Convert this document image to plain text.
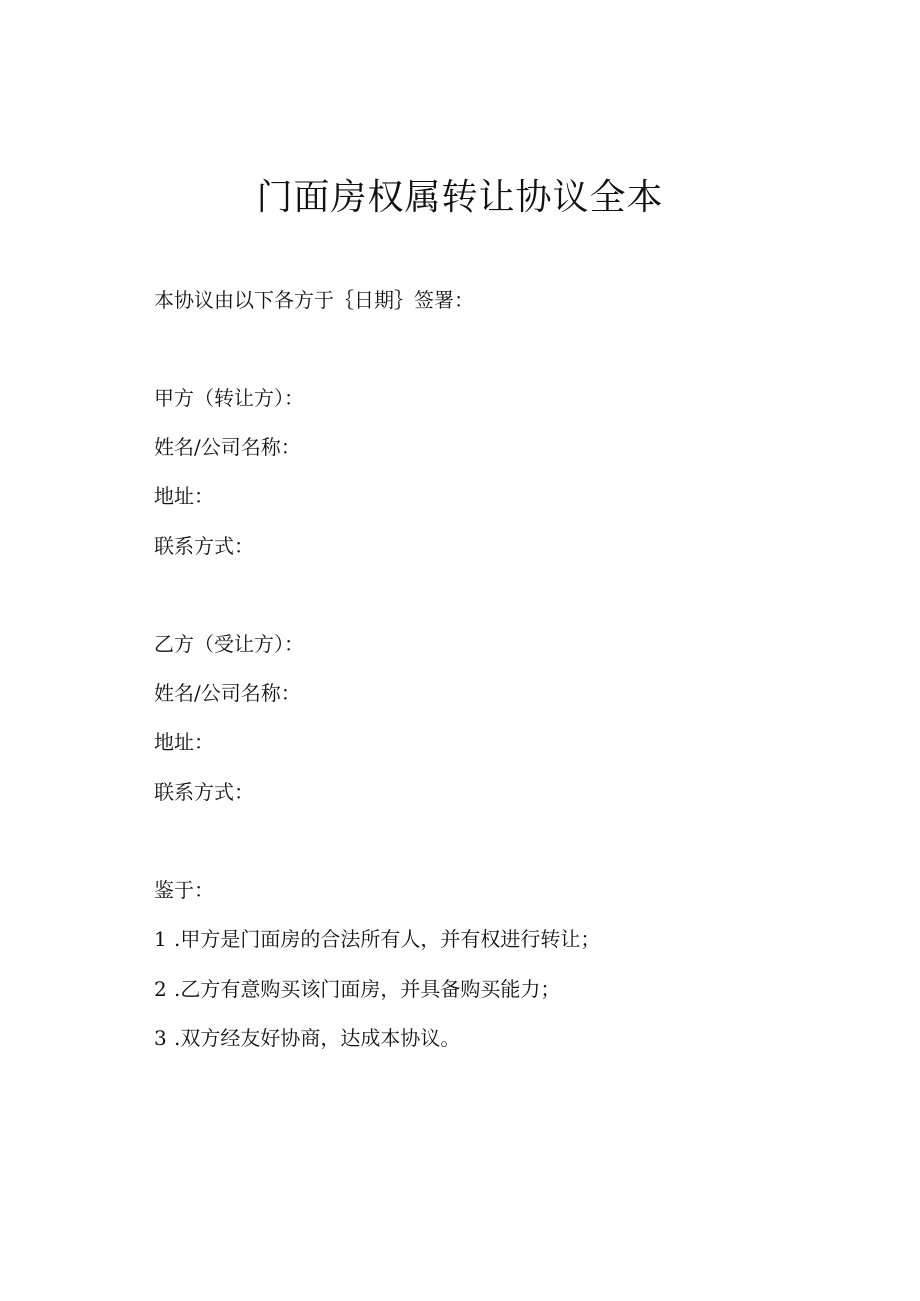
门面房权属转让协议全本

本协议由以下各方于｛日期｝签署：

甲方（转让方）：

姓名/公司名称：

地址：

联系方式：

乙方（受让方）：

姓名/公司名称：

地址：

联系方式：

鉴于：

1 .甲方是门面房的合法所有人，并有权进行转让；

2 .乙方有意购买该门面房，并具备购买能力；

3 .双方经友好协商，达成本协议。
